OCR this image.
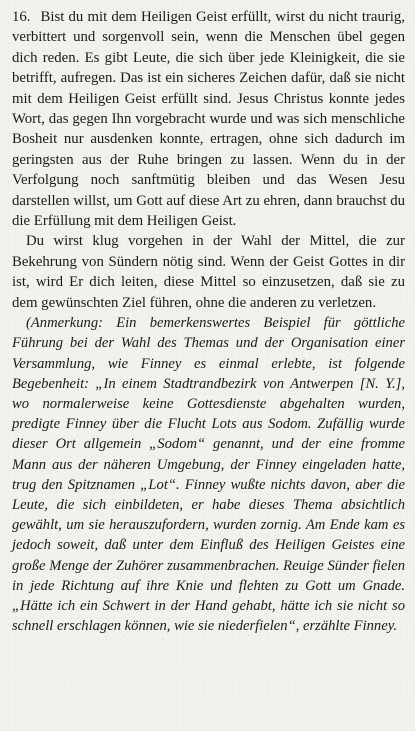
16. Bist du mit dem Heiligen Geist erfüllt, wirst du nicht traurig, verbittert und sorgenvoll sein, wenn die Menschen übel gegen dich reden. Es gibt Leute, die sich über jede Kleinigkeit, die sie betrifft, aufregen. Das ist ein sicheres Zeichen dafür, daß sie nicht mit dem Heiligen Geist erfüllt sind. Jesus Christus konnte jedes Wort, das gegen Ihn vorgebracht wurde und was sich menschliche Bosheit nur ausdenken konnte, ertragen, ohne sich dadurch im geringsten aus der Ruhe bringen zu lassen. Wenn du in der Verfolgung noch sanftmütig bleiben und das Wesen Jesu darstellen willst, um Gott auf diese Art zu ehren, dann brauchst du die Erfüllung mit dem Heiligen Geist.

Du wirst klug vorgehen in der Wahl der Mittel, die zur Bekehrung von Sündern nötig sind. Wenn der Geist Gottes in dir ist, wird Er dich leiten, diese Mittel so einzusetzen, daß sie zu dem gewünschten Ziel führen, ohne die anderen zu verletzen.

(Anmerkung: Ein bemerkenswertes Beispiel für göttliche Führung bei der Wahl des Themas und der Organisation einer Versammlung, wie Finney es einmal erlebte, ist folgende Begebenheit: „In einem Stadtrandbezirk von Antwerpen [N. Y.], wo normalerweise keine Gottesdienste abgehalten wurden, predigte Finney über die Flucht Lots aus Sodom. Zufällig wurde dieser Ort allgemein „Sodom“ genannt, und der eine fromme Mann aus der näheren Umgebung, der Finney eingeladen hatte, trug den Spitznamen „Lot“. Finney wußte nichts davon, aber die Leute, die sich einbildeten, er habe dieses Thema absichtlich gewählt, um sie herauszufordern, wurden zornig. Am Ende kam es jedoch soweit, daß unter dem Einfluß des Heiligen Geistes eine große Menge der Zuhörer zusammenbrachen. Reuige Sünder fielen in jede Richtung auf ihre Knie und flehten zu Gott um Gnade. „Hätte ich ein Schwert in der Hand gehabt, hätte ich sie nicht so schnell erschlagen können, wie sie niederfielen“, erzählte Finney.
